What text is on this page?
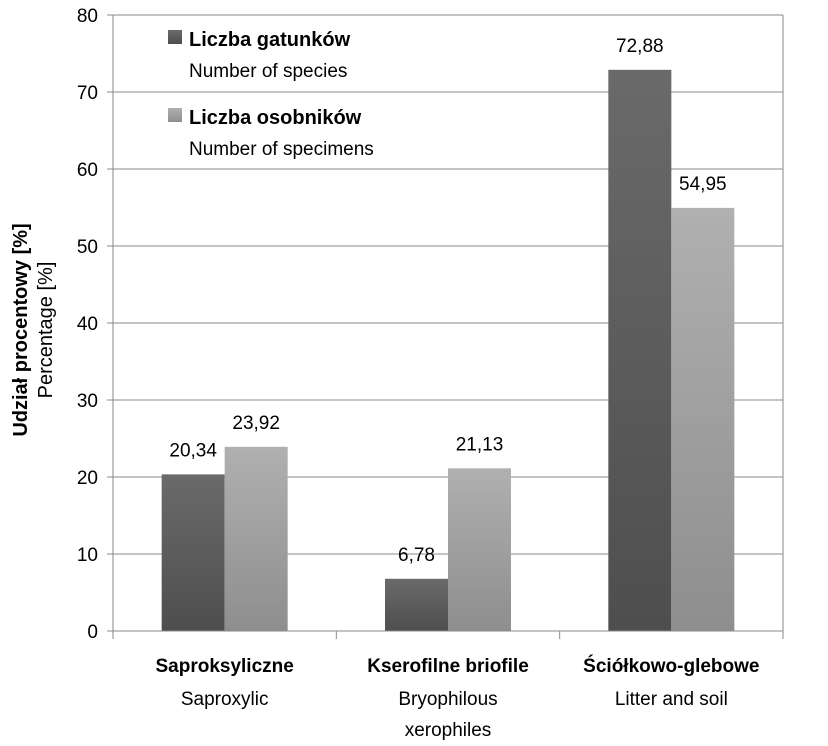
20,34
23,92
6,78
21,13
72,88
54,95
0
10
20
30
40
50
60
70
80
Saproksyliczne
Saproxylic
Kserofilne briofile
Bryophilous
xerophiles
Ściółkowo-glebowe
Litter and soil
Udział procentowy [%] Percentage [%]
Liczba gatunków
Number of species
Liczba osobników
Number of specimens
